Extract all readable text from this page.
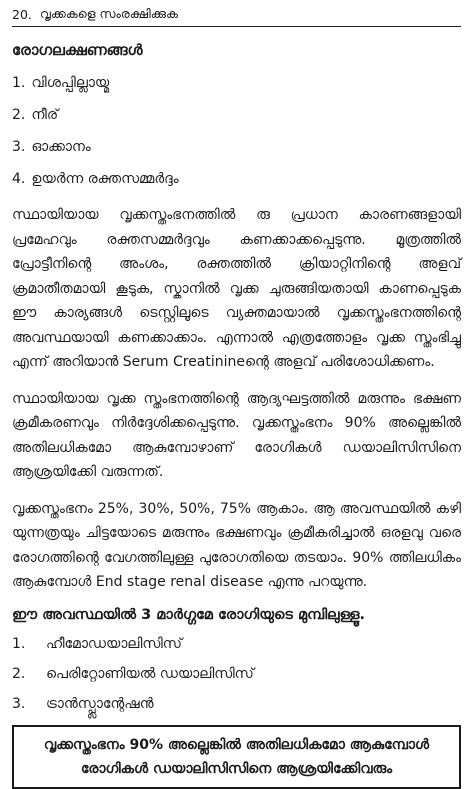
20. വൃക്കകളെ സംരക്ഷിക്കുക
രോഗലക്ഷണങ്ങൾ
1. വിശപ്പില്ലായ്മ
2. നീര്
3. ഓക്കാനം
4. ഉയർന്ന രക്തസമ്മർദ്ദം

സ്ഥായിയായ വൃക്കസ്തംഭനത്തിൽ രു പ്രധാന കാരണങ്ങളായി പ്രമേഹവും രക്തസമ്മർദ്ദവും കണക്കാക്കപ്പെടുന്നു. മൂത്രത്തിൽ പ്രോട്ടീനിന്റെ അംശം, രക്തത്തിൽ ക്രിയാറ്റിനിന്റെ അളവ് ക്രമാതീതമായി കൂടുക, സ്കാനിൽ വൃക്ക ചുരുങ്ങിയതായി കാണപ്പെടുക ഈ കാര്യങ്ങൾ ടെസ്റ്റിലൂടെ വ്യക്തമായാൽ വൃക്കസ്തംഭനത്തിന്റെ അവസ്ഥയായി കണക്കാക്കാം. എന്നാൽ എത്രത്തോളം വൃക്ക സ്തംഭിച്ചു എന്ന് അറിയാൻ Serum Creatinineന്റെ അളവ് പരിശോധിക്കണം.

സ്ഥായിയായ വൃക്ക സ്തംഭനത്തിന്റെ ആദ്യഘട്ടത്തിൽ മരുന്നും ഭക്ഷണ ക്രമീകരണവും നിർദ്ദേശിക്കപ്പെടുന്നു. വൃക്കസ്തംഭനം 90% അല്ലെങ്കിൽ അതിലധികമോ ആകുമ്പോഴാണ് രോഗികൾ ഡയാലിസിസിനെ ആശ്രയിക്കേി വരുന്നത്.

വൃക്കസ്തംഭനം 25%, 30%, 50%, 75% ആകാം. ആ അവസ്ഥയിൽ കഴി യുന്നത്രയും ചിട്ടയോടെ മരുന്നും ഭക്ഷണവും ക്രമീകരിച്ചാൽ ഒരളവു വരെ രോഗത്തിന്റെ വേഗത്തിലുള്ള പുരോഗതിയെ തടയാം. 90% ത്തിലധികം ആകുമ്പോൾ End stage renal disease എന്നു പറയുന്നു.

ഈ അവസ്ഥയിൽ 3 മാർഗ്ഗമേ രോഗിയുടെ മുമ്പിലുള്ളൂ.
1.	ഹീമോഡയാലിസിസ്
2.	പെരിറ്റോണിയൽ ഡയാലിസിസ്
3.	ട്രാൻസ്പ്ലാന്റേഷൻ
വൃക്കസ്തംഭനം 90% അല്ലെങ്കിൽ അതിലധികമോ ആകുമ്പോൾ
രോഗികൾ ഡയാലിസിസിനെ ആശ്രയിക്കേിവരും
